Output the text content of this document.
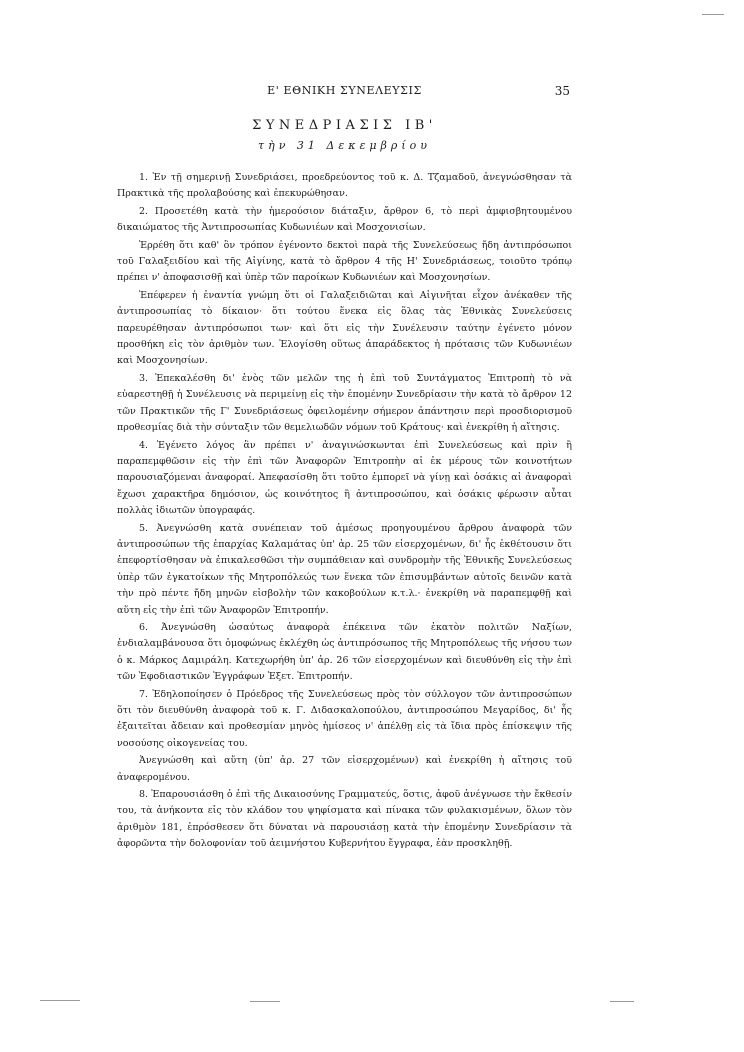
Ε' ΕΘΝΙΚΗ ΣΥΝΕΛΕΥΣΙΣ	35
ΣΥΝΕΔΡΙΑΣΙΣ ΙΒ'
τὴν 31 Δεκεμβρίου

1. Ἐν τῇ σημερινῇ Συνεδριάσει, προεδρεύοντος τοῦ κ. Δ. Τζαμαδοῦ, ἀνεγνώσθησαν τὰ Πρακτικὰ τῆς προλαβούσης καὶ ἐπεκυρώθησαν.

2. Προσετέθη κατὰ τὴν ἡμερούσιον διάταξιν, ἄρθρον 6, τὸ περὶ ἀμφισβητουμένου δικαιώματος τῆς Ἀντιπροσωπίας Κυδωνιέων καὶ Μοσχονισίων.

Ἐρρέθη ὅτι καθ' ὃν τρόπον ἐγένοντο δεκτοὶ παρὰ τῆς Συνελεύσεως ἤδη ἀντιπρόσωποι τοῦ Γαλαξειδίου καὶ τῆς Αἰγίνης, κατὰ τὸ ἄρθρον 4 τῆς Η' Συνεδριάσεως, τοιοῦτο τρόπῳ πρέπει ν' ἀποφασισθῇ καὶ ὑπὲρ τῶν παροίκων Κυδωνιέων καὶ Μοσχονησίων.

Ἐπέφερεν ἡ ἐναντία γνώμη ὅτι οἱ Γαλαξειδιῶται καὶ Αἰγινῆται εἶχον ἀνέκαθεν τῆς ἀντιπροσωπίας τὸ δίκαιον· ὅτι τούτου ἕνεκα εἰς ὅλας τὰς Ἐθνικὰς Συνελεύσεις παρευρέθησαν ἀντιπρόσωποι των· καὶ ὅτι εἰς τὴν Συνέλευσιν ταύτην ἐγένετο μόνον προσθήκη εἰς τὸν ἀριθμὸν των. Ἐλογίσθη οὕτως ἀπαράδεκτος ἡ πρότασις τῶν Κυδωνιέων καὶ Μοσχονησίων.

3. Ἐπεκαλέσθη δι' ἑνὸς τῶν μελῶν της ἡ ἐπὶ τοῦ Συντάγματος Ἐπιτροπὴ τὸ νὰ εὐαρεστηθῇ ἡ Συνέλευσις νὰ περιμείνῃ εἰς τὴν ἑπομένην Συνεδρίασιν τὴν κατὰ τὸ ἄρθρον 12 τῶν Πρακτικῶν τῆς Γ' Συνεδριάσεως ὀφειλομένην σήμερον ἀπάντησιν περὶ προσδιορισμοῦ προθεσμίας διὰ τὴν σύνταξιν τῶν θεμελιωδῶν νόμων τοῦ Κράτους· καὶ ἐνεκρίθη ἡ αἴτησις.

4. Ἐγένετο λόγος ἂν πρέπει ν' ἀναγινώσκωνται ἐπὶ Συνελεύσεως καὶ πρὶν ἢ παραπεμφθῶσιν εἰς τὴν ἐπὶ τῶν Ἀναφορῶν Ἐπιτροπὴν αἱ ἐκ μέρους τῶν κοινοτήτων παρουσιαζόμεναι ἀναφοραί. Ἀπεφασίσθη ὅτι τοῦτο ἐμπορεῖ νὰ γίνῃ καὶ ὁσάκις αἱ ἀναφοραὶ ἔχωσι χαρακτῆρα δημόσιον, ὡς κοινότητος ἢ ἀντιπροσώπου, καὶ ὁσάκις φέρωσιν αὗται πολλὰς ἰδιωτῶν ὑπογραφάς.

5. Ἀνεγνώσθη κατὰ συνέπειαν τοῦ ἀμέσως προηγουμένου ἄρθρου ἀναφορὰ τῶν ἀντιπροσώπων τῆς ἐπαρχίας Καλαμάτας ὑπ' ἀρ. 25 τῶν εἰσερχομένων, δι' ἧς ἐκθέτουσιν ὅτι ἐπεφορτίσθησαν νὰ ἐπικαλεσθῶσι τὴν συμπάθειαν καὶ συνδρομὴν τῆς Ἐθνικῆς Συνελεύσεως ὑπὲρ τῶν ἐγκατοίκων τῆς Μητροπόλεώς των ἕνεκα τῶν ἐπισυμβάντων αὐτοῖς δεινῶν κατὰ τὴν πρὸ πέντε ἤδη μηνῶν εἰσβολὴν τῶν κακοβούλων κ.τ.λ.· ἐνεκρίθη νὰ παραπεμφθῇ καὶ αὕτη εἰς τὴν ἐπὶ τῶν Ἀναφορῶν Ἐπιτροπήν.

6. Ἀνεγνώσθη ὡσαύτως ἀναφορὰ ἐπέκεινα τῶν ἑκατὸν πολιτῶν Ναξίων, ἐνδιαλαμβάνουσα ὅτι ὁμοφώνως ἐκλέχθη ὡς ἀντιπρόσωπος τῆς Μητροπόλεως τῆς νήσου των ὁ κ. Μάρκος Δαμιράλη. Κατεχωρήθη ὑπ' ἀρ. 26 τῶν εἰσερχομένων καὶ διευθύνθη εἰς τὴν ἐπὶ τῶν Ἐφοδιαστικῶν Ἐγγράφων Ἐξετ. Ἐπιτροπήν.

7. Ἐδηλοποίησεν ὁ Πρόεδρος τῆς Συνελεύσεως πρὸς τὸν σύλλογον τῶν ἀντιπροσώπων ὅτι τὸν διευθύνθη ἀναφορὰ τοῦ κ. Γ. Διδασκαλοπούλου, ἀντιπροσώπου Μεγαρίδος, δι' ἧς ἐξαιτεῖται ἄδειαν καὶ προθεσμίαν μηνὸς ἡμίσεος ν' ἀπέλθῃ εἰς τὰ ἴδια πρὸς ἐπίσκεψιν τῆς νοσούσης οἰκογενείας του.

Ἀνεγνώσθη καὶ αὕτη (ὑπ' ἀρ. 27 τῶν εἰσερχομένων) καὶ ἐνεκρίθη ἡ αἴτησις τοῦ ἀναφερομένου.

8. Ἐπαρουσιάσθη ὁ ἐπὶ τῆς Δικαιοσύνης Γραμματεύς, ὅστις, ἀφοῦ ἀνέγνωσε τὴν ἔκθεσίν του, τὰ ἀνήκοντα εἰς τὸν κλάδον του ψηφίσματα καὶ πίνακα τῶν φυλακισμένων, ὅλων τὸν ἀριθμὸν 181, ἐπρόσθεσεν ὅτι δύναται νὰ παρουσιάσῃ κατὰ τὴν ἑπομένην Συνεδρίασιν τὰ ἀφορῶντα τὴν δολοφονίαν τοῦ ἀειμνήστου Κυβερνήτου ἔγγραφα, ἐὰν προσκληθῇ.
